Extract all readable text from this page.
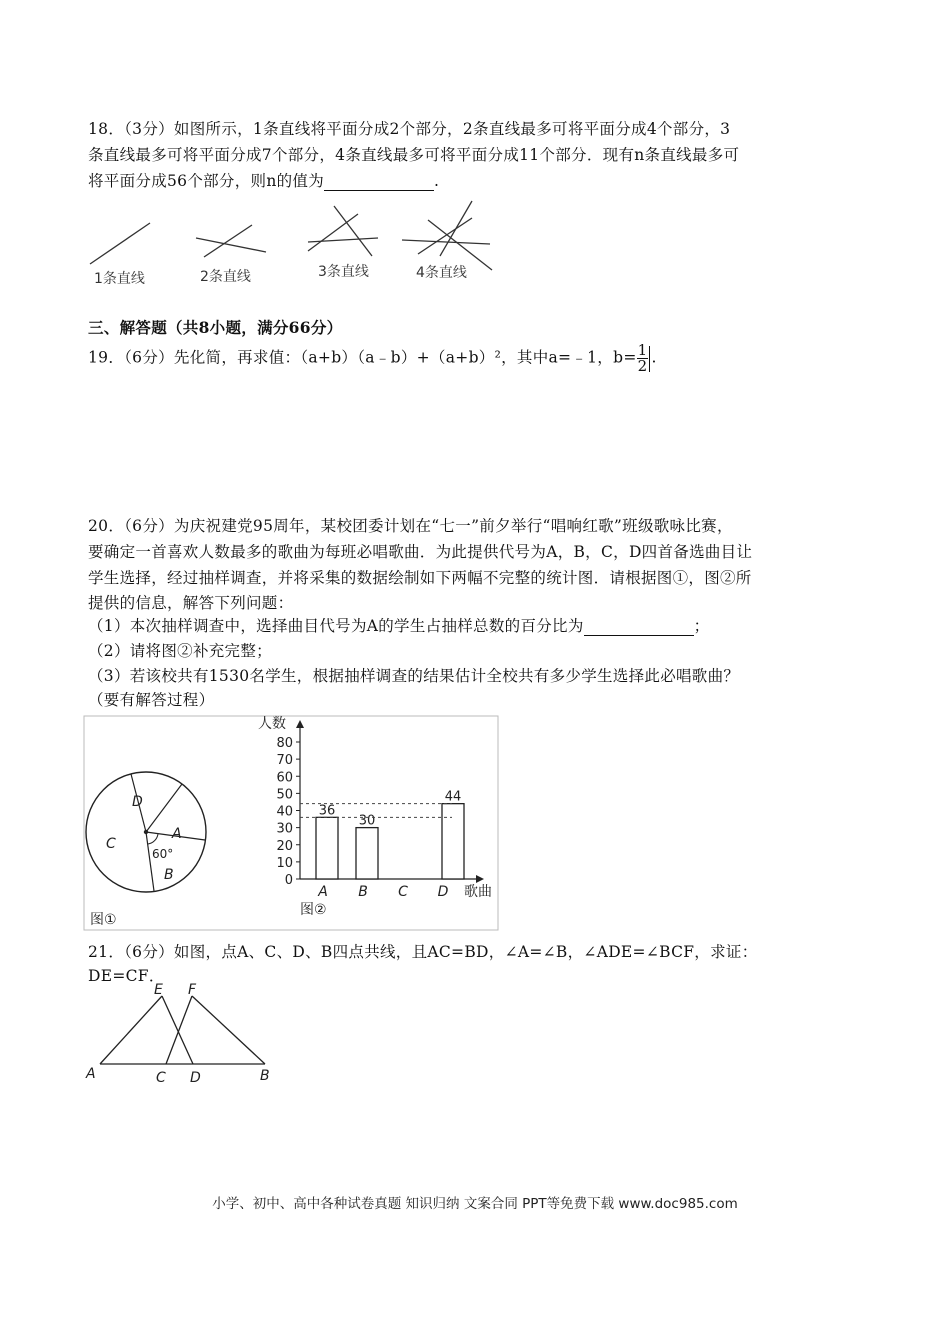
18．（3分）如图所示，1条直线将平面分成2个部分，2条直线最多可将平面分成4个部分，3
条直线最多可将平面分成7个部分，4条直线最多可将平面分成11个部分．现有n条直线最多可
将平面分成56个部分，则n的值为	.
1条直线	2条直线	3条直线	4条直线
三、解答题（共8小题，满分66分）
19．（6分）先化简，再求值：（a+b）（a﹣b）+（a+b）²，其中a=﹣1，$b= \frac{1}{2}$ .
20．（6分）为庆祝建党95周年，某校团委计划在“七一”前夕举行“唱响红歌”班级歌咏比赛，
要确定一首喜欢人数最多的歌曲为每班必唱歌曲．为此提供代号为A，B，C，D四首备选曲目让
学生选择，经过抽样调查，并将采集的数据绘制如下两幅不完整的统计图．请根据图①，图②所
提供的信息，解答下列问题：
（1）本次抽样调查中，选择曲目代号为A的学生占抽样总数的百分比为	；
（2）请将图②补充完整；
（3）若该校共有1530名学生，根据抽样调查的结果估计全校共有多少学生选择此必唱歌曲？
（要有解答过程）
D
A
C
B
60°
图①
人数
歌曲
图②
0
10
20
30
40
50
60
70
80
A
36
B
30
C D
44
21．（6分）如图，点A、C、D、B四点共线，且AC=BD，∠A=∠B，∠ADE=∠BCF，求证：
DE=CF．
E F
A	C D	B
小学、初中、高中各种试卷真题 知识归纳 文案合同 PPT等免费下载 www.doc985.com
